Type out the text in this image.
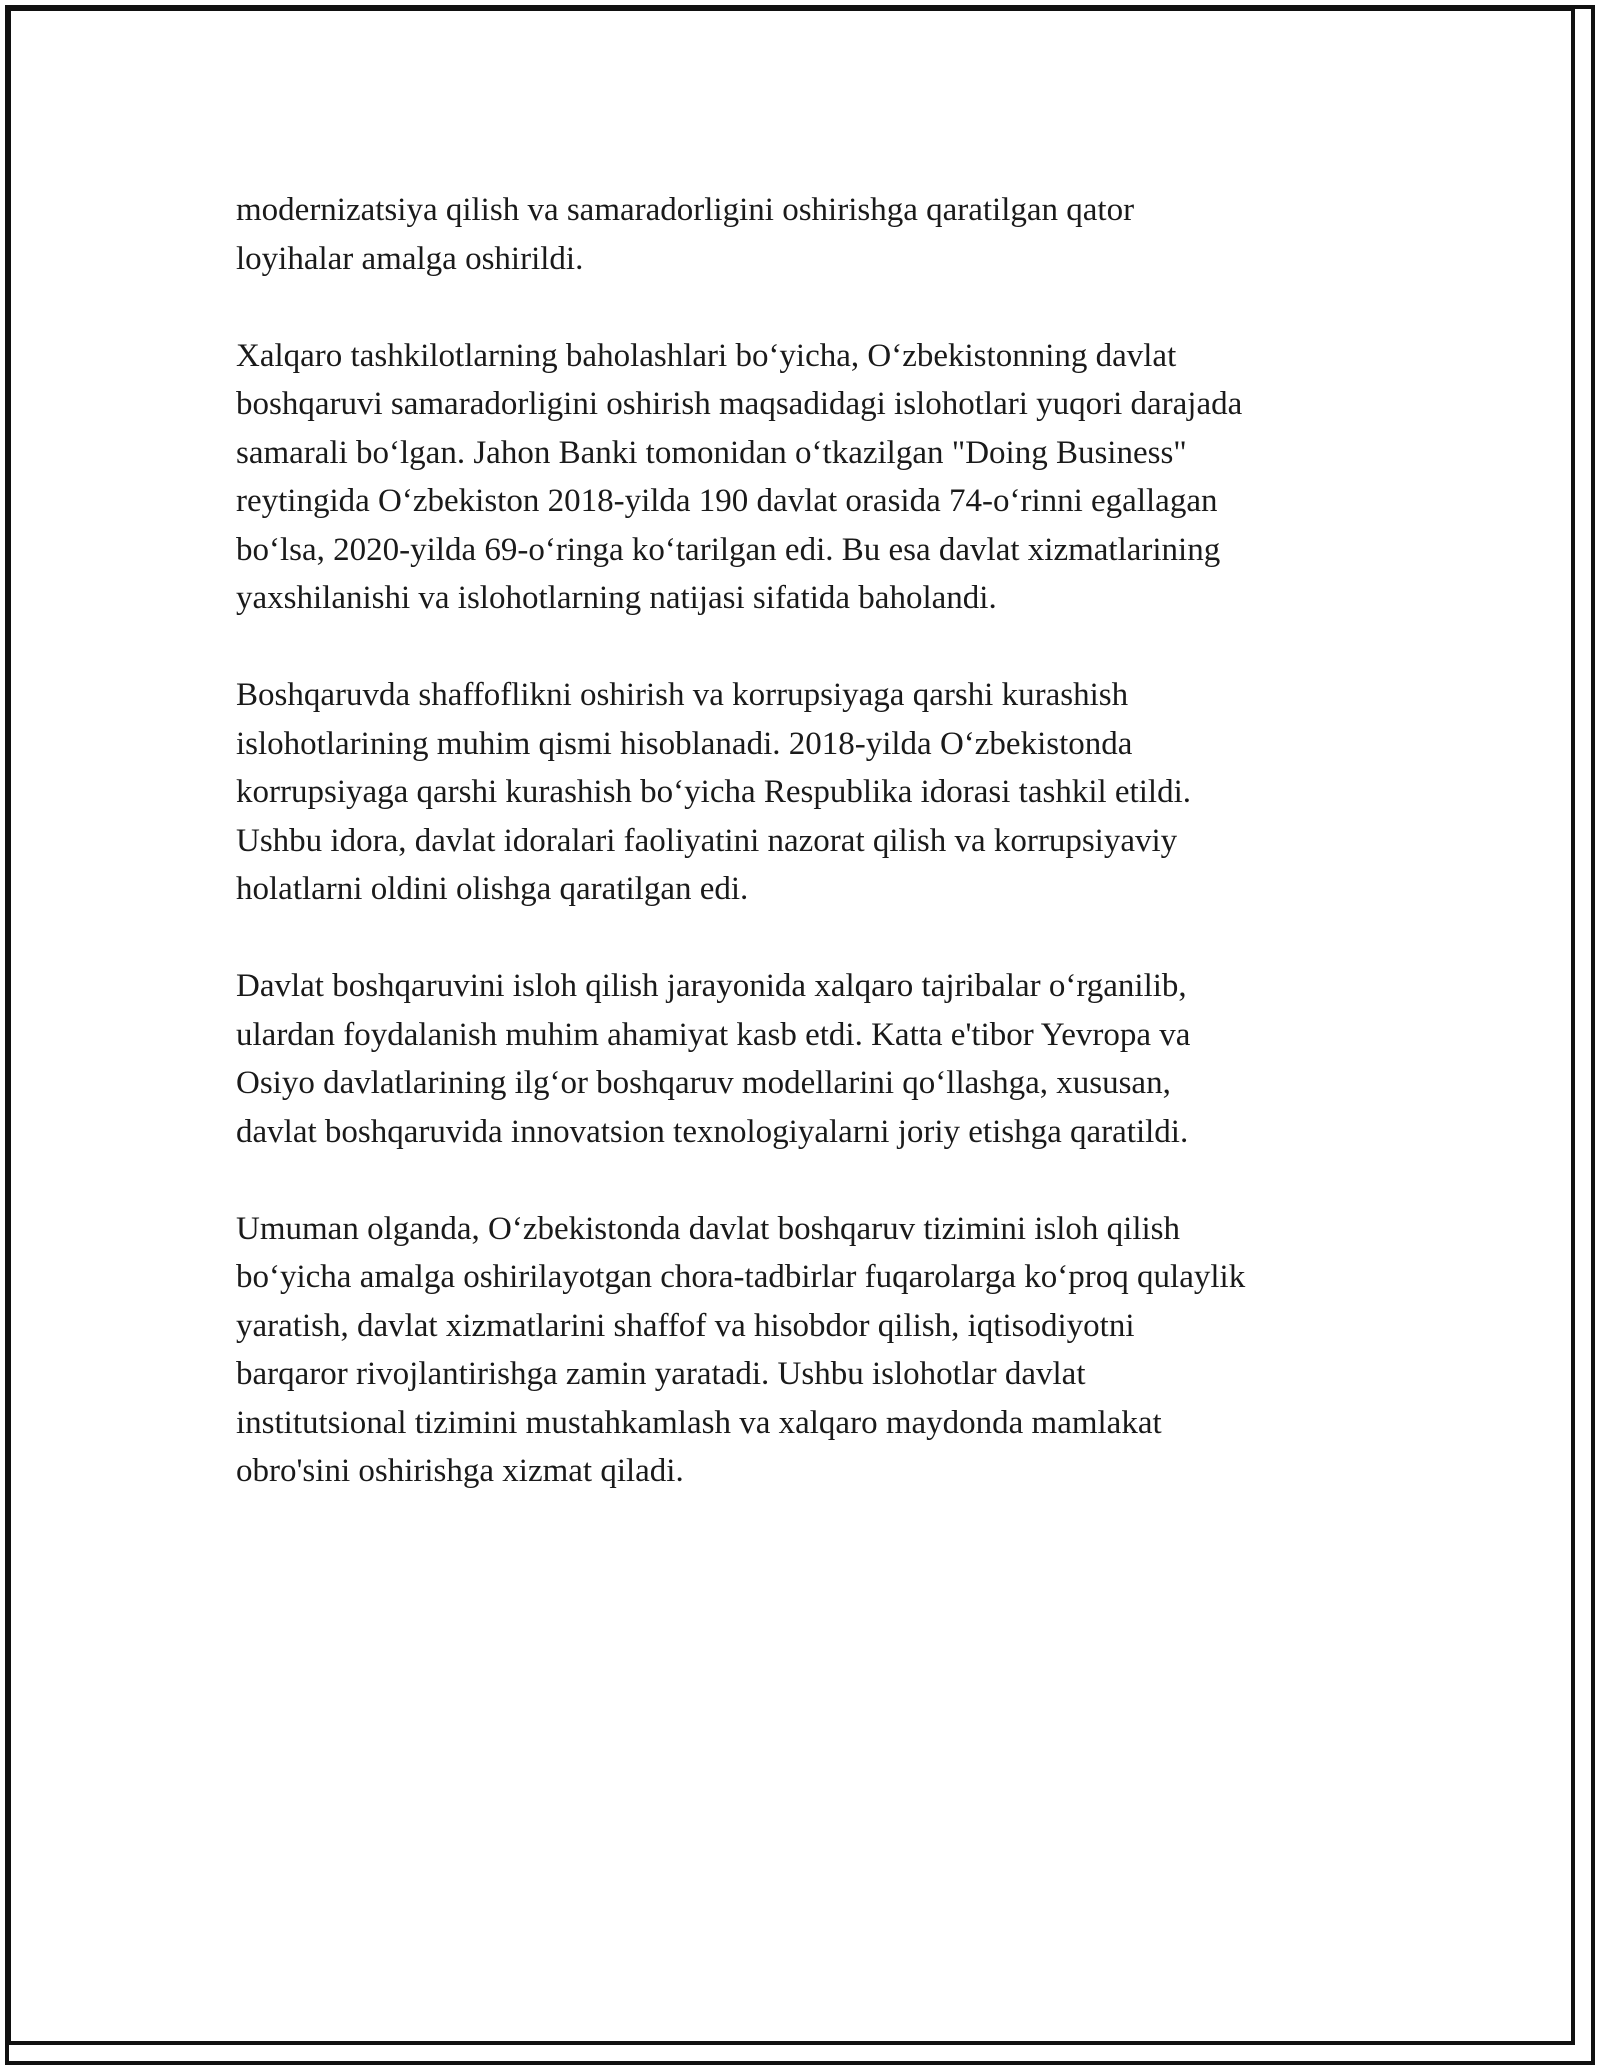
modernizatsiya qilish va samaradorligini oshirishga qaratilgan qator
loyihalar amalga oshirildi.

Xalqaro tashkilotlarning baholashlari bo‘yicha, O‘zbekistonning davlat
boshqaruvi samaradorligini oshirish maqsadidagi islohotlari yuqori darajada
samarali bo‘lgan. Jahon Banki tomonidan o‘tkazilgan "Doing Business"
reytingida O‘zbekiston 2018-yilda 190 davlat orasida 74-o‘rinni egallagan
bo‘lsa, 2020-yilda 69-o‘ringa ko‘tarilgan edi. Bu esa davlat xizmatlarining
yaxshilanishi va islohotlarning natijasi sifatida baholandi.

Boshqaruvda shaffoflikni oshirish va korrupsiyaga qarshi kurashish
islohotlarining muhim qismi hisoblanadi. 2018-yilda O‘zbekistonda
korrupsiyaga qarshi kurashish bo‘yicha Respublika idorasi tashkil etildi.
Ushbu idora, davlat idoralari faoliyatini nazorat qilish va korrupsiyaviy
holatlarni oldini olishga qaratilgan edi.

Davlat boshqaruvini isloh qilish jarayonida xalqaro tajribalar o‘rganilib,
ulardan foydalanish muhim ahamiyat kasb etdi. Katta e'tibor Yevropa va
Osiyo davlatlarining ilg‘or boshqaruv modellarini qo‘llashga, xususan,
davlat boshqaruvida innovatsion texnologiyalarni joriy etishga qaratildi.

Umuman olganda, O‘zbekistonda davlat boshqaruv tizimini isloh qilish
bo‘yicha amalga oshirilayotgan chora-tadbirlar fuqarolarga ko‘proq qulaylik
yaratish, davlat xizmatlarini shaffof va hisobdor qilish, iqtisodiyotni
barqaror rivojlantirishga zamin yaratadi. Ushbu islohotlar davlat
institutsional tizimini mustahkamlash va xalqaro maydonda mamlakat
obro'sini oshirishga xizmat qiladi.
